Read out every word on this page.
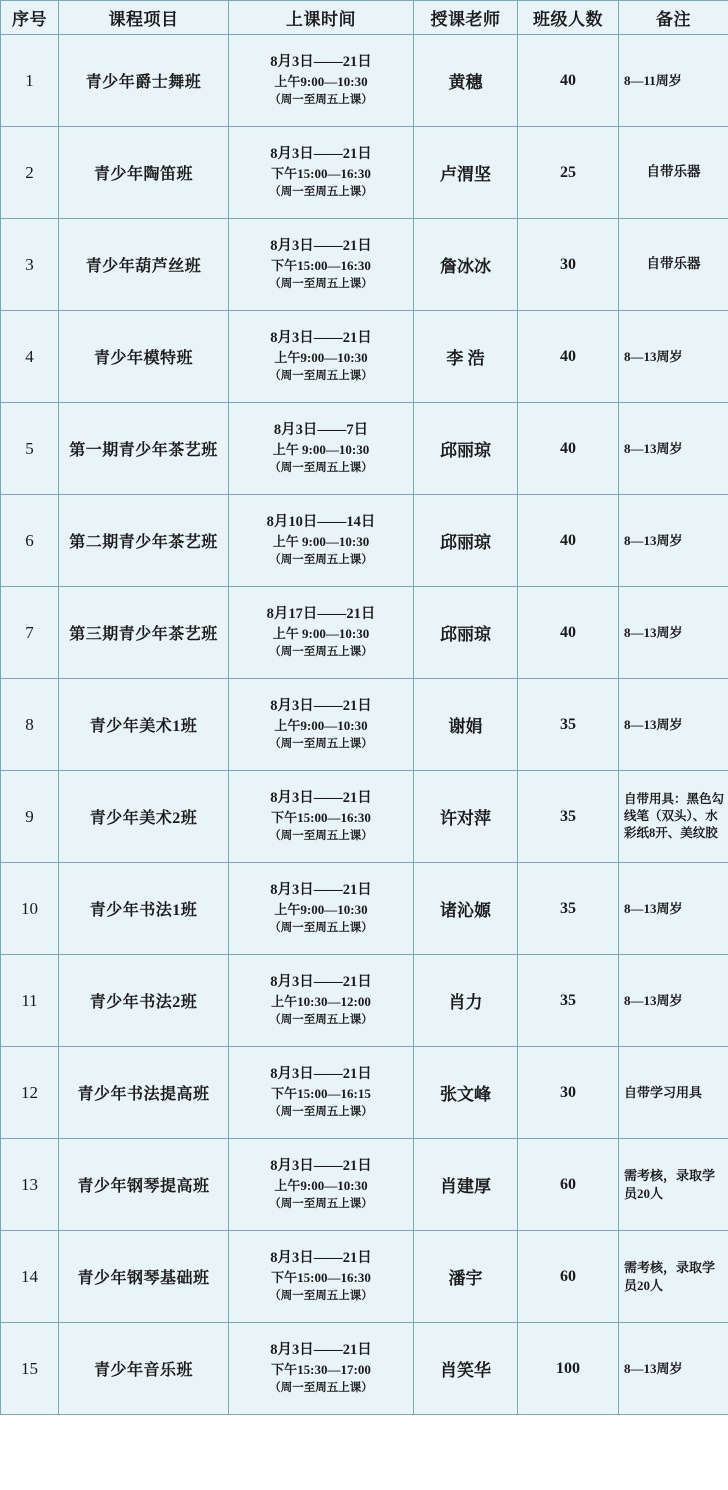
序号	课程项目	上课时间	授课老师	班级人数	备注
1	青少年爵士舞班	8月3日——21日
上午9:00—10:30
（周一至周五上课）	黄穗	40	8—11周岁
2	青少年陶笛班	8月3日——21日
下午15:00—16:30
（周一至周五上课）	卢渭坚	25	自带乐器
3	青少年葫芦丝班	8月3日——21日
下午15:00—16:30
（周一至周五上课）	詹冰冰	30	自带乐器
4	青少年模特班	8月3日——21日
上午9:00—10:30
（周一至周五上课）	李 浩	40	8—13周岁
5	第一期青少年茶艺班	8月3日——7日
上午 9:00—10:30
（周一至周五上课）	邱丽琼	40	8—13周岁
6	第二期青少年茶艺班	8月10日——14日
上午 9:00—10:30
（周一至周五上课）	邱丽琼	40	8—13周岁
7	第三期青少年茶艺班	8月17日——21日
上午 9:00—10:30
（周一至周五上课）	邱丽琼	40	8—13周岁
8	青少年美术1班	8月3日——21日
上午9:00—10:30
（周一至周五上课）	谢娟	35	8—13周岁
9	青少年美术2班	8月3日——21日
下午15:00—16:30
（周一至周五上课）	许对萍	35	自带用具：黑色勾线笔（双头）、水彩纸8开、美纹胶
10	青少年书法1班	8月3日——21日
上午9:00—10:30
（周一至周五上课）	诸沁嫄	35	8—13周岁
11	青少年书法2班	8月3日——21日
上午10:30—12:00
（周一至周五上课）	肖力	35	8—13周岁
12	青少年书法提高班	8月3日——21日
下午15:00—16:15
（周一至周五上课）	张文峰	30	自带学习用具
13	青少年钢琴提高班	8月3日——21日
上午9:00—10:30
（周一至周五上课）	肖建厚	60	需考核，录取学员20人
14	青少年钢琴基础班	8月3日——21日
下午15:00—16:30
（周一至周五上课）	潘宇	60	需考核，录取学员20人
15	青少年音乐班	8月3日——21日
下午15:30—17:00
（周一至周五上课）	肖笑华	100	8—13周岁
